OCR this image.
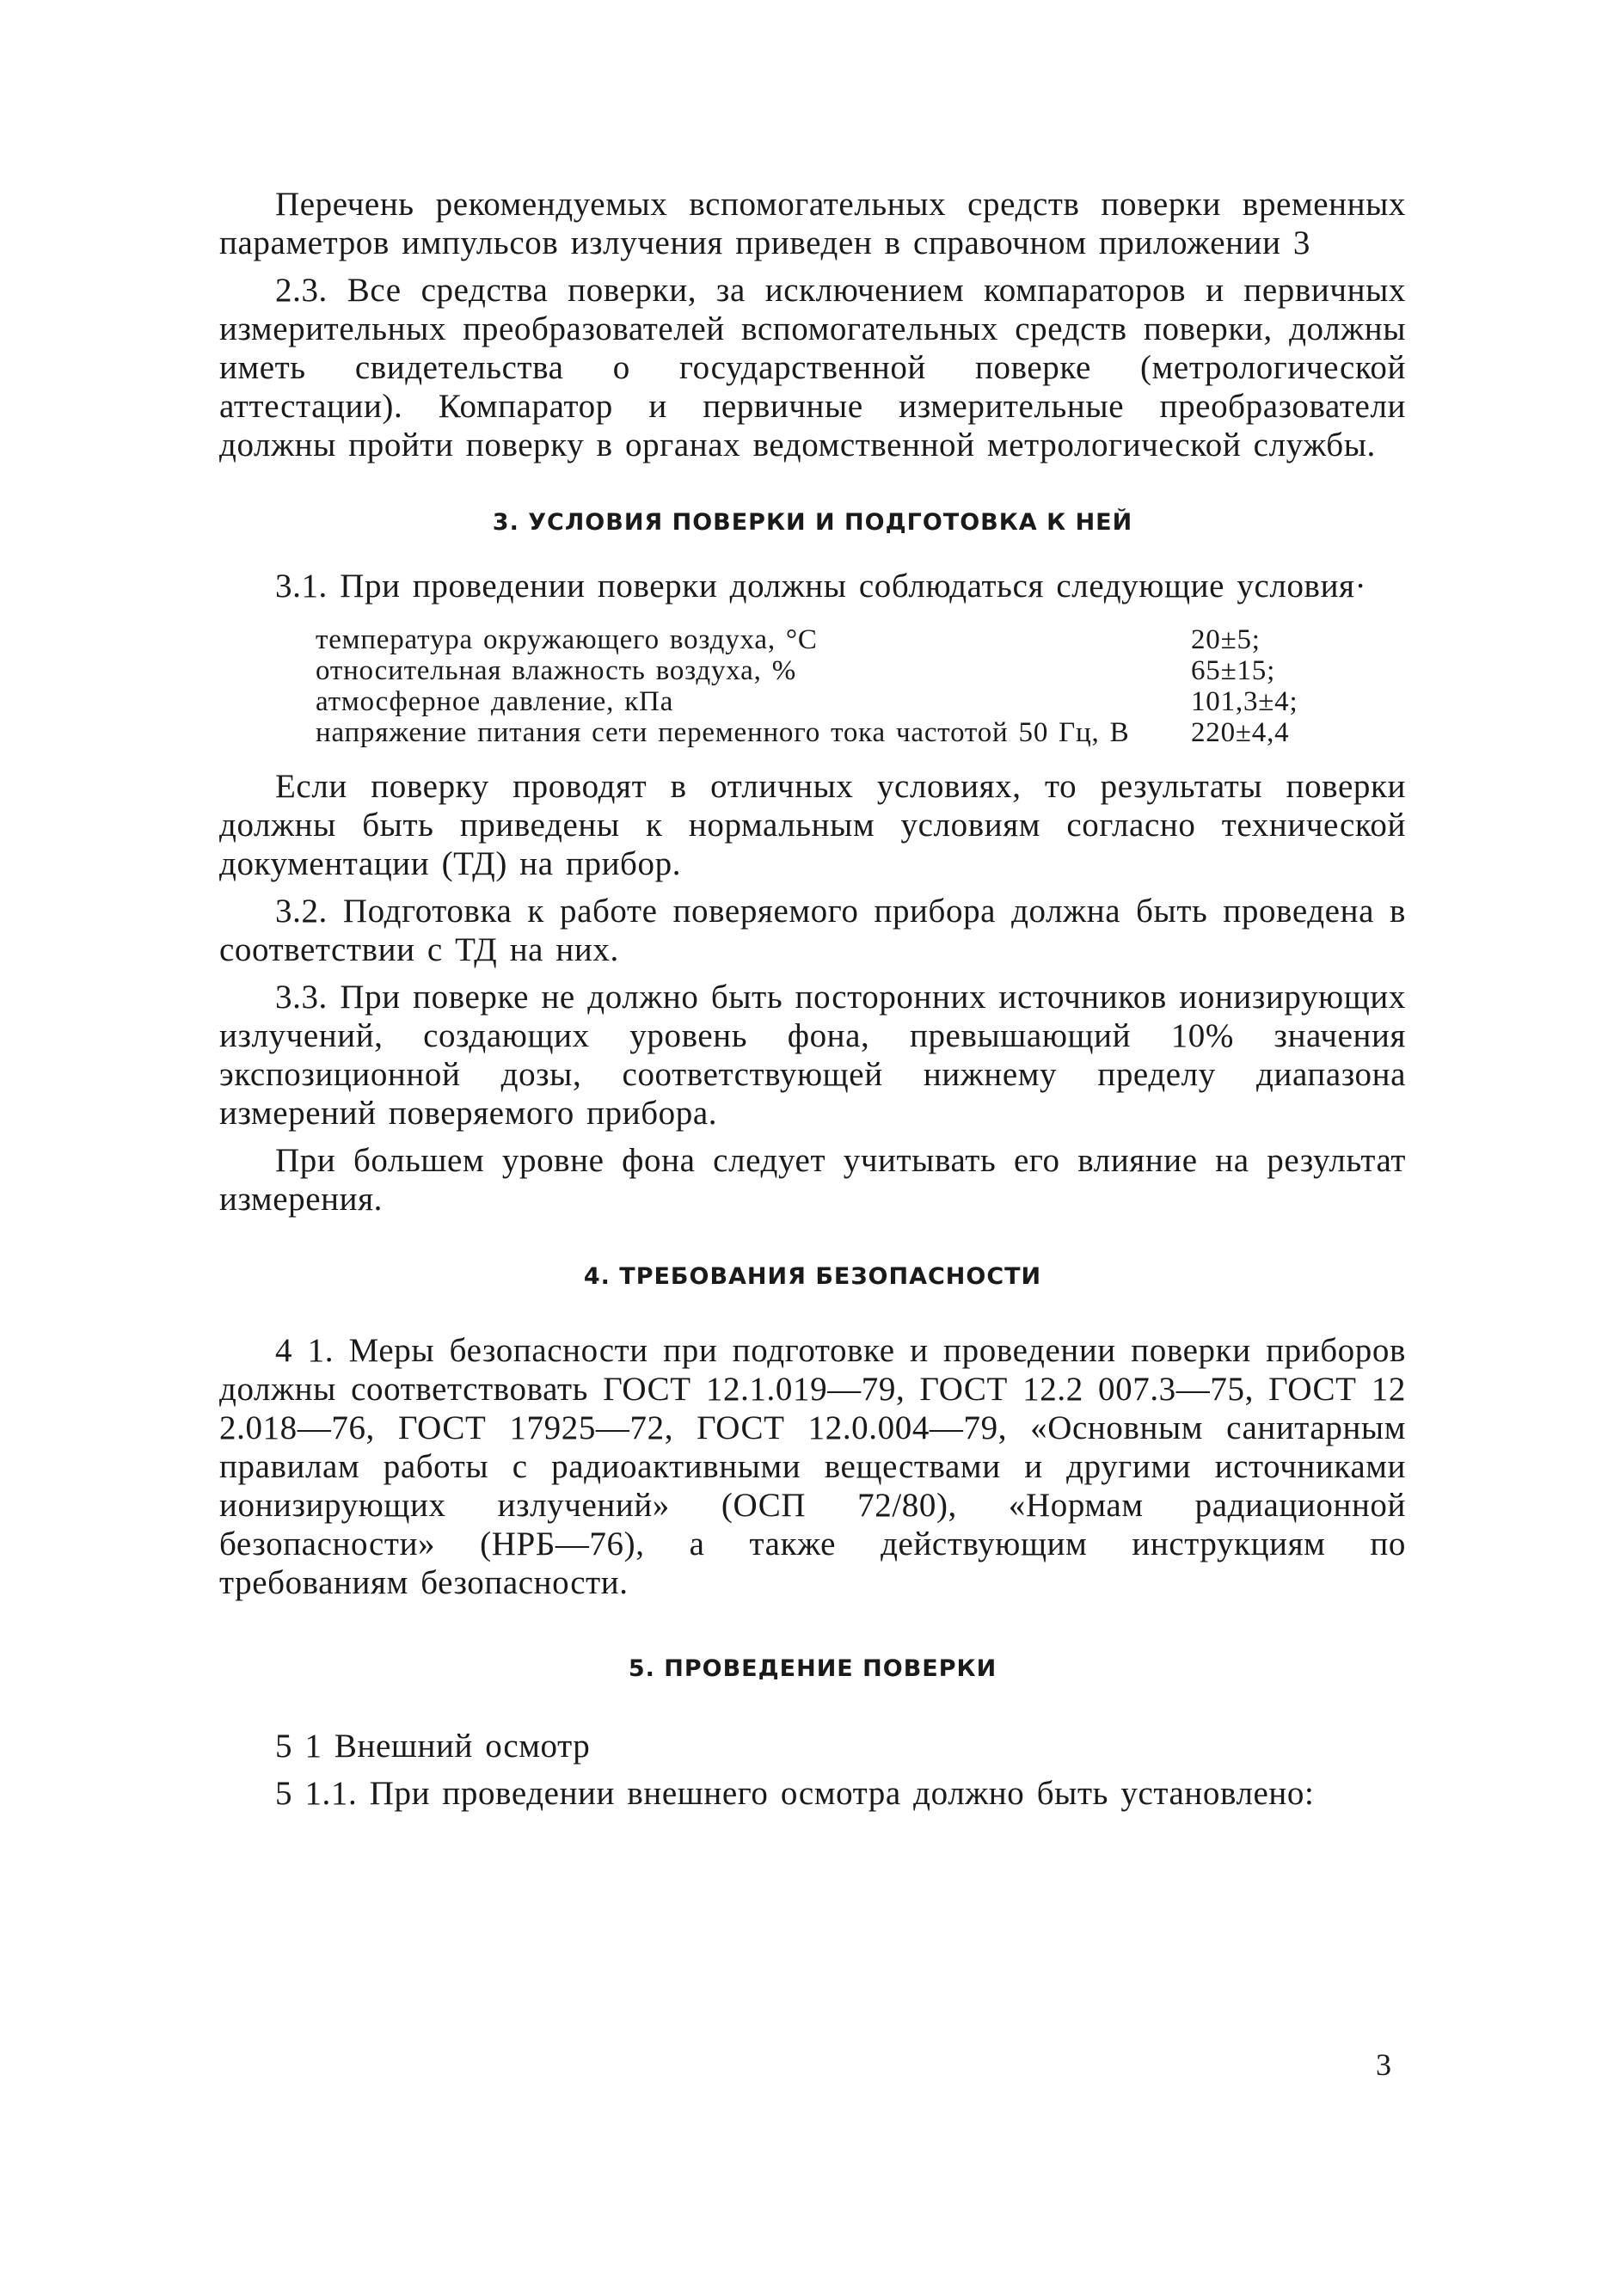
Перечень рекомендуемых вспомогательных средств поверки временных параметров импульсов излучения приведен в справочном приложении 3

2.3. Все средства поверки, за исключением компараторов и первичных измерительных преобразователей вспомогательных средств поверки, должны иметь свидетельства о государственной поверке (метрологической аттестации). Компаратор и первичные измерительные преобразователи должны пройти поверку в органах ведомственной метрологической службы.

3. УСЛОВИЯ ПОВЕРКИ И ПОДГОТОВКА К НЕЙ

3.1. При проведении поверки должны соблюдаться следующие условия·

температура окружающего воздуха, °С	20±5;
относительная влажность воздуха, %	65±15;
атмосферное давление, кПа	101,3±4;
напряжение питания сети переменного тока частотой 50 Гц, В	220±4,4

Если поверку проводят в отличных условиях, то результаты поверки должны быть приведены к нормальным условиям согласно технической документации (ТД) на прибор.

3.2. Подготовка к работе поверяемого прибора должна быть проведена в соответствии с ТД на них.

3.3. При поверке не должно быть посторонних источников ионизирующих излучений, создающих уровень фона, превышающий 10% значения экспозиционной дозы, соответствующей нижнему пределу диапазона измерений поверяемого прибора.

При большем уровне фона следует учитывать его влияние на результат измерения.

4. ТРЕБОВАНИЯ БЕЗОПАСНОСТИ

4 1. Меры безопасности при подготовке и проведении поверки приборов должны соответствовать ГОСТ 12.1.019—79, ГОСТ 12.2 007.3—75, ГОСТ 12 2.018—76, ГОСТ 17925—72, ГОСТ 12.0.004—79, «Основным санитарным правилам работы с радиоактивными веществами и другими источниками ионизирующих излучений» (ОСП 72/80), «Нормам радиационной безопасности» (НРБ—76), а также действующим инструкциям по требованиям безопасности.

5. ПРОВЕДЕНИЕ ПОВЕРКИ

5 1 Внешний осмотр

5 1.1. При проведении внешнего осмотра должно быть установлено:

3
